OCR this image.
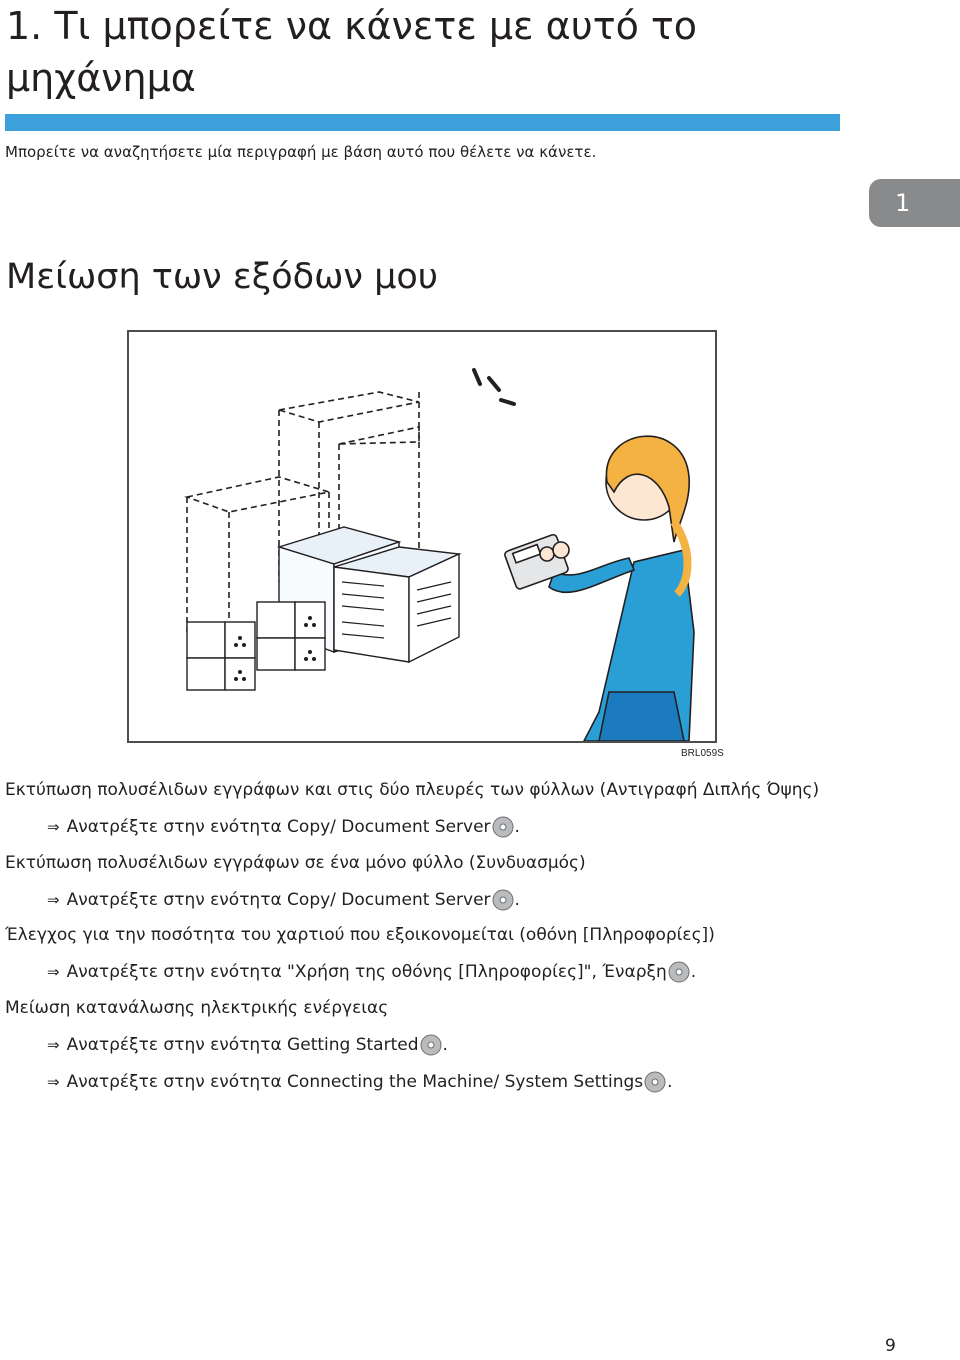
1. Τι μπορείτε να κάνετε με αυτό το μηχάνημα
Μπορείτε να αναζητήσετε μία περιγραφή με βάση αυτό που θέλετε να κάνετε.
1
Μείωση των εξόδων μου
BRL059S
Εκτύπωση πολυσέλιδων εγγράφων και στις δύο πλευρές των φύλλων (Αντιγραφή Διπλής Όψης)
⇒ Ανατρέξτε στην ενότητα Copy/ Document Server .
Εκτύπωση πολυσέλιδων εγγράφων σε ένα μόνο φύλλο (Συνδυασμός)
⇒ Ανατρέξτε στην ενότητα Copy/ Document Server .
Έλεγχος για την ποσότητα του χαρτιού που εξοικονομείται (οθόνη [Πληροφορίες])
⇒ Ανατρέξτε στην ενότητα "Χρήση της οθόνης [Πληροφορίες]", Έναρξη .
Μείωση κατανάλωσης ηλεκτρικής ενέργειας
⇒ Ανατρέξτε στην ενότητα Getting Started .
⇒ Ανατρέξτε στην ενότητα Connecting the Machine/ System Settings .
9
